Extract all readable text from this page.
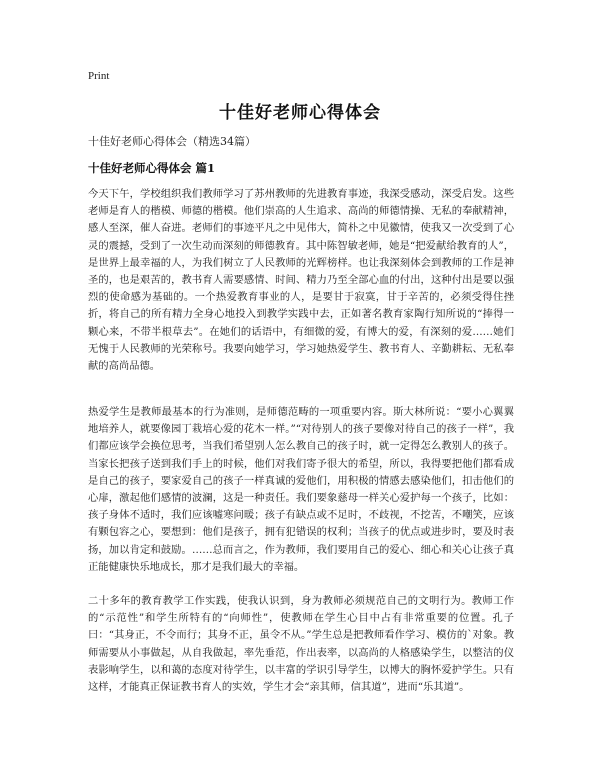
Print
十佳好老师心得体会
十佳好老师心得体会（精选34篇）
十佳好老师心得体会 篇1

今天下午，学校组织我们教师学习了苏州教师的先进教育事迹，我深受感动，深受启发。这些老师是育人的楷模、师德的楷模。他们崇高的人生追求、高尚的师德情操、无私的奉献精神，感人至深，催人奋进。老师们的事迹平凡之中见伟大，简朴之中见徽情，使我又一次受到了心灵的震撼，受到了一次生动而深刻的师德教育。其中陈智敏老师，她是“把爱献给教育的人”，是世界上最幸福的人，为我们树立了人民教师的光辉榜样。也让我深刻体会到教师的工作是神圣的，也是艰苦的，教书育人需要感情、时间、精力乃至全部心血的付出，这种付出是要以强烈的使命感为基础的。一个热爱教育事业的人，是要甘于寂寞，甘于辛苦的，必须受得住挫折，将自己的所有精力全身心地投入到教学实践中去，正如著名教育家陶行知所说的“捧得一颗心来，不带半根草去”。在她们的话语中，有细微的爱，有博大的爱，有深刻的爱……她们无愧于人民教师的光荣称号。我要向她学习，学习她热爱学生、教书育人、辛勤耕耘、无私奉献的高尚品德。

热爱学生是教师最基本的行为准则，是师德范畴的一项重要内容。斯大林所说：“要小心翼翼地培养人，就要像园丁栽培心爱的花木一样。”“对待别人的孩子要像对待自己的孩子一样”，我们都应该学会换位思考，当我们希望别人怎么教自己的孩子时，就一定得怎么教别人的孩子。当家长把孩子送到我们手上的时候，他们对我们寄予很大的希望，所以，我得要把他们都看成是自己的孩子，要家爱自己的孩子一样真诚的爱他们，用积极的情感去感染他们，扣击他们的心扉，激起他们感情的波澜，这是一种责任。我们要象慈母一样关心爱护每一个孩子，比如：孩子身体不适时，我们应该嘘寒问暖；孩子有缺点或不足时，不歧视，不挖苦，不嘲笑，应该有颗包容之心，要想到：他们是孩子，拥有犯错误的权利；当孩子的优点或进步时，要及时表扬，加以肯定和鼓励。……总而言之，作为教师，我们要用自己的爱心、细心和关心让孩子真正能健康快乐地成长，那才是我们最大的幸福。

二十多年的教育教学工作实践，使我认识到，身为教师必须规范自己的文明行为。教师工作的“示范性”和学生所特有的“向师性”，使教师在学生心目中占有非常重要的位置。孔子曰：“其身正，不令而行；其身不正，虽令不从。”学生总是把教师看作学习、模仿的`对象。教师需要从小事做起，从自我做起，率先垂范，作出表率，以高尚的人格感染学生，以整洁的仪表影响学生，以和蔼的态度对待学生，以丰富的学识引导学生，以博大的胸怀爱护学生。只有这样，才能真正保证教书育人的实效，学生才会“亲其师，信其道”，进而“乐其道”。
